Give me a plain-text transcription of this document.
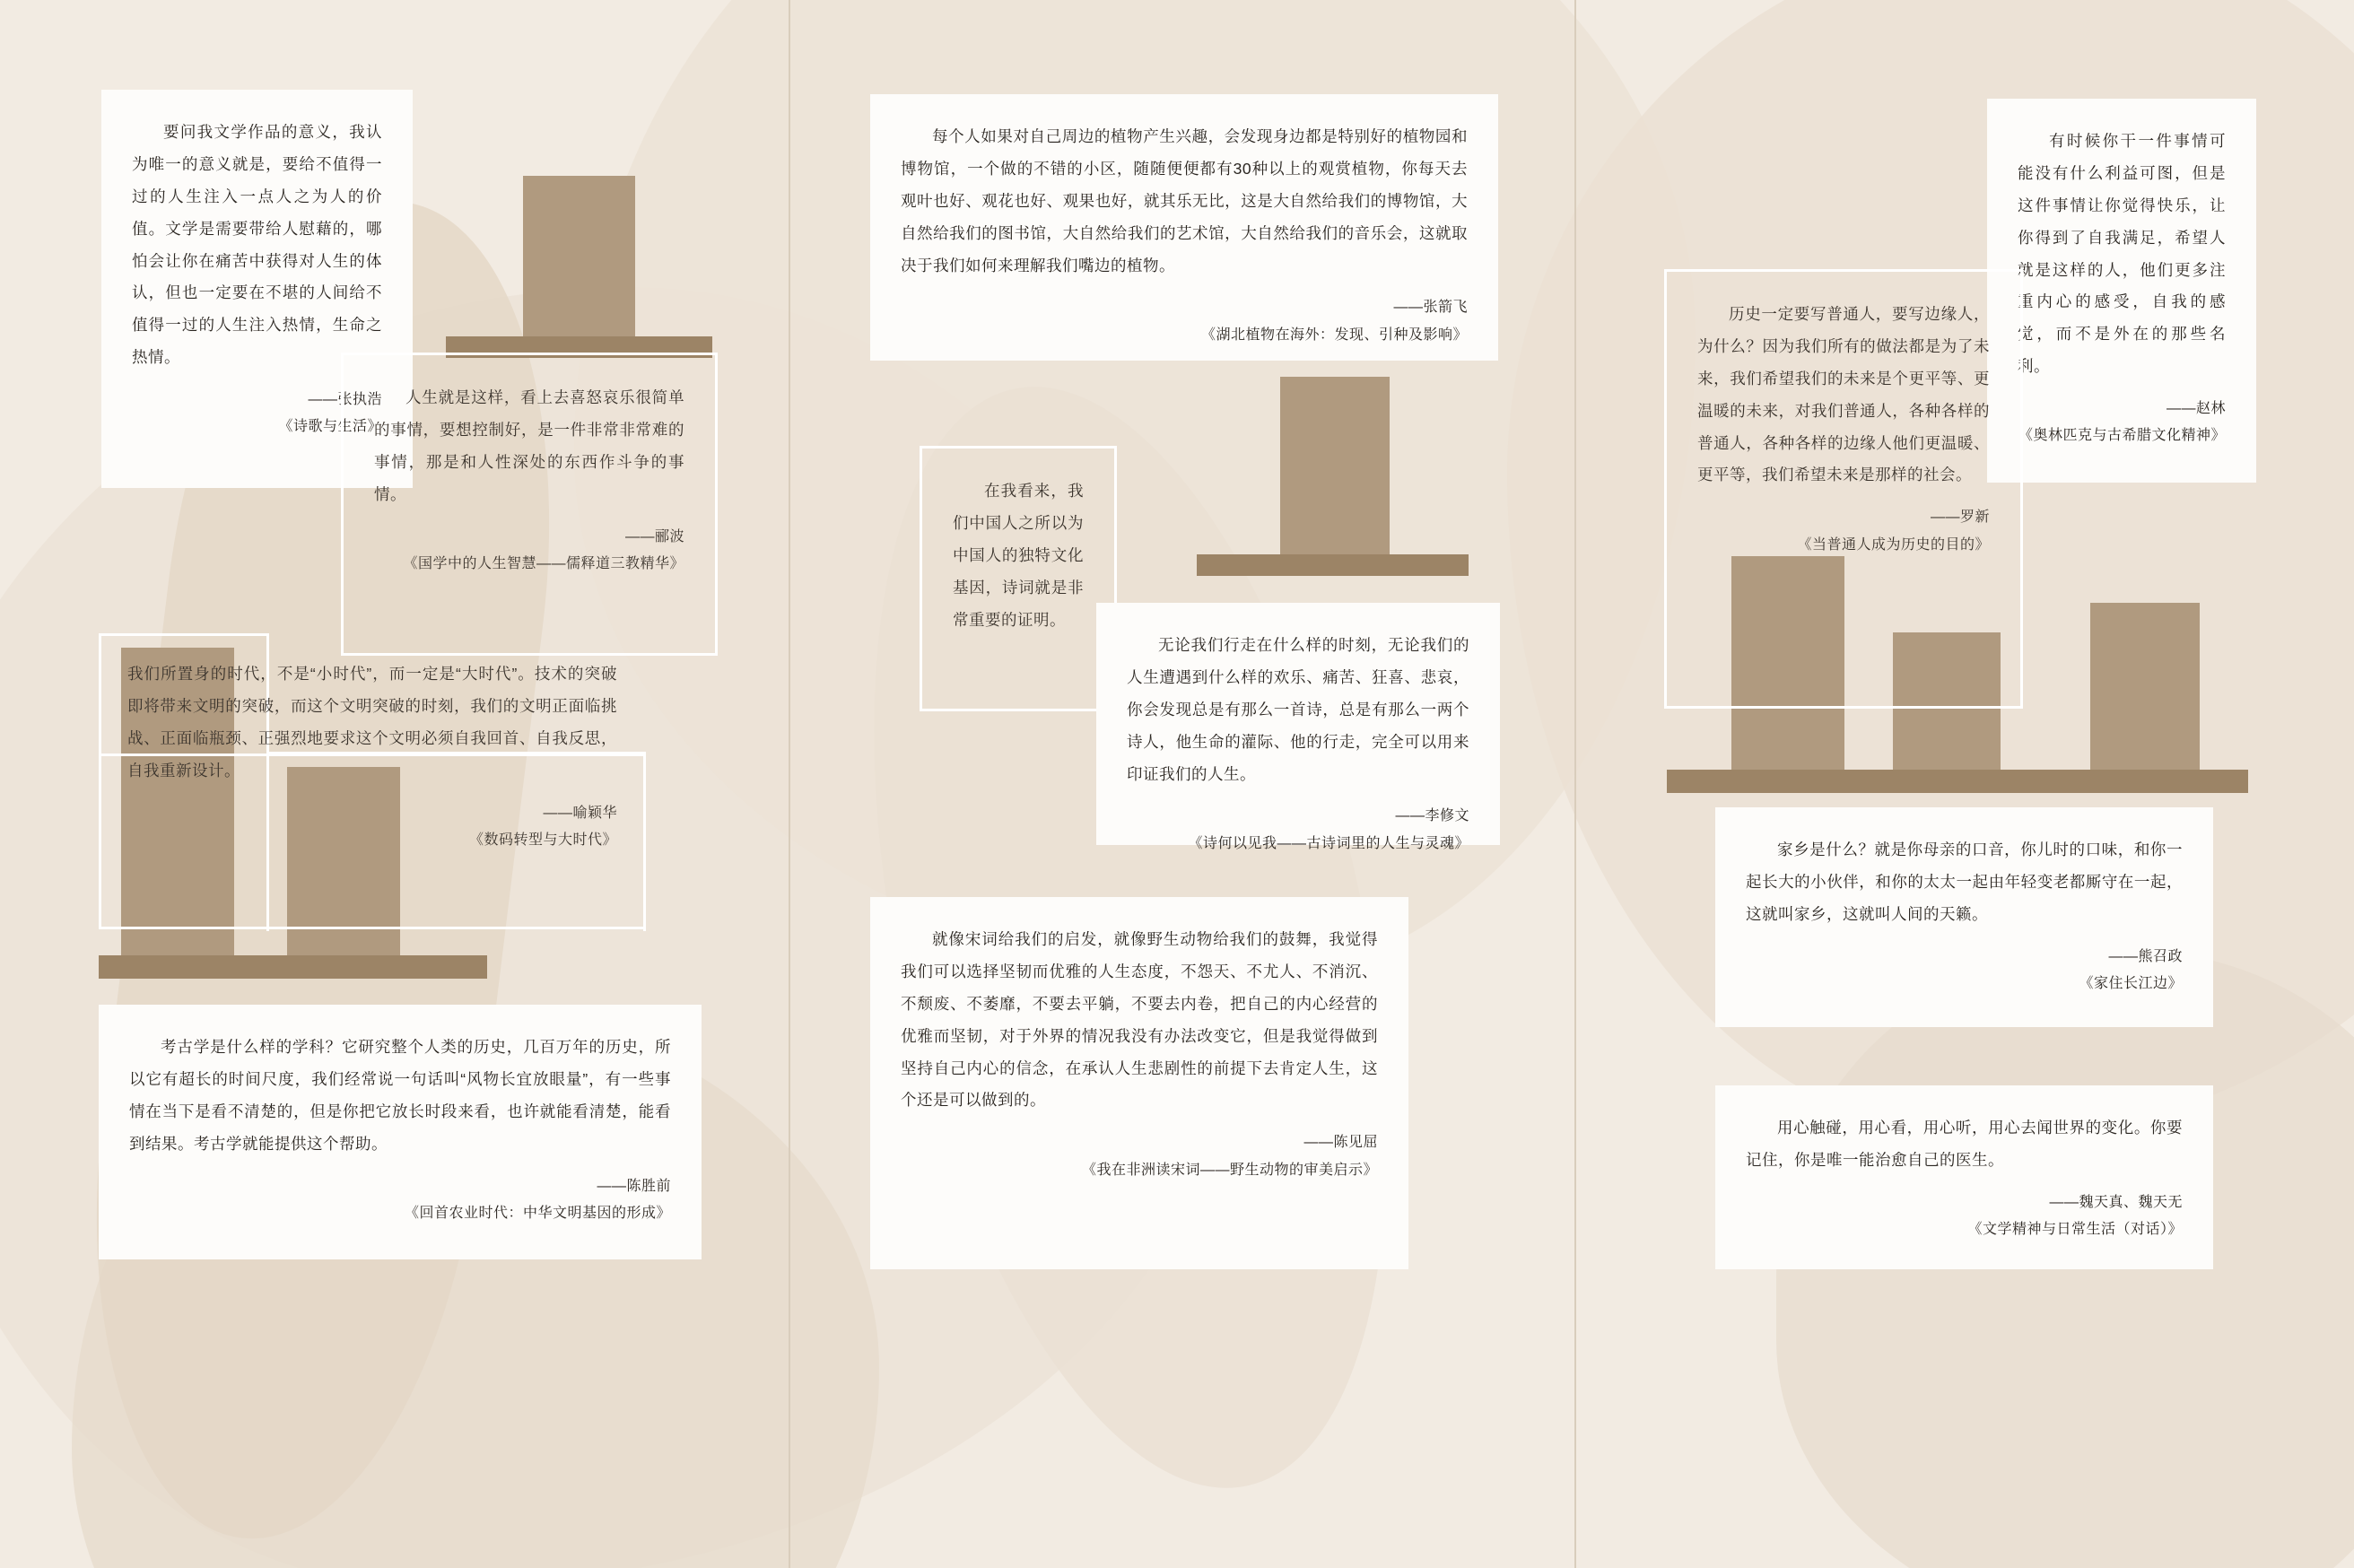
要问我文学作品的意义，我认为唯一的意义就是，要给不值得一过的人生注入一点人之为人的价值。文学是需要带给人慰藉的，哪怕会让你在痛苦中获得对人生的体认，但也一定要在不堪的人间给不值得一过的人生注入热情，生命之热情。
——张执浩
《诗歌与生活》
人生就是这样，看上去喜怒哀乐很简单的事情，要想控制好，是一件非常非常难的事情，那是和人性深处的东西作斗争的事情。
——郦波
《国学中的人生智慧——儒释道三教精华》
我们所置身的时代，不是“小时代”，而一定是“大时代”。技术的突破即将带来文明的突破，而这个文明突破的时刻，我们的文明正面临挑战、正面临瓶颈、正强烈地要求这个文明必须自我回首、自我反思，自我重新设计。
——喻颖华
《数码转型与大时代》
考古学是什么样的学科？它研究整个人类的历史，几百万年的历史，所以它有超长的时间尺度，我们经常说一句话叫“风物长宜放眼量”，有一些事情在当下是看不清楚的，但是你把它放长时段来看，也许就能看清楚，能看到结果。考古学就能提供这个帮助。
——陈胜前
《回首农业时代：中华文明基因的形成》
每个人如果对自己周边的植物产生兴趣，会发现身边都是特别好的植物园和博物馆，一个做的不错的小区，随随便便都有30种以上的观赏植物，你每天去观叶也好、观花也好、观果也好，就其乐无比，这是大自然给我们的博物馆，大自然给我们的图书馆，大自然给我们的艺术馆，大自然给我们的音乐会，这就取决于我们如何来理解我们嘴边的植物。
——张箭飞
《湖北植物在海外：发现、引种及影响》
在我看来，我们中国人之所以为中国人的独特文化基因，诗词就是非常重要的证明。
无论我们行走在什么样的时刻，无论我们的人生遭遇到什么样的欢乐、痛苦、狂喜、悲哀，你会发现总是有那么一首诗，总是有那么一两个诗人，他生命的灌际、他的行走，完全可以用来印证我们的人生。
——李修文
《诗何以见我——古诗词里的人生与灵魂》
就像宋词给我们的启发，就像野生动物给我们的鼓舞，我觉得我们可以选择坚韧而优雅的人生态度，不怨天、不尤人、不消沉、不颓废、不萎靡，不要去平躺，不要去内卷，把自己的内心经营的优雅而坚韧，对于外界的情况我没有办法改变它，但是我觉得做到坚持自己内心的信念，在承认人生悲剧性的前提下去肯定人生，这个还是可以做到的。
——陈见屈
《我在非洲读宋词——野生动物的审美启示》
有时候你干一件事情可能没有什么利益可图，但是这件事情让你觉得快乐，让你得到了自我满足，希望人就是这样的人，他们更多注重内心的感受，自我的感觉，而不是外在的那些名利。
——赵林
《奥林匹克与古希腊文化精神》
历史一定要写普通人，要写边缘人，为什么？因为我们所有的做法都是为了未来，我们希望我们的未来是个更平等、更温暖的未来，对我们普通人，各种各样的普通人，各种各样的边缘人他们更温暖、更平等，我们希望未来是那样的社会。
——罗新
《当普通人成为历史的目的》
家乡是什么？就是你母亲的口音，你儿时的口味，和你一起长大的小伙伴，和你的太太一起由年轻变老都厮守在一起，这就叫家乡，这就叫人间的天籁。
——熊召政
《家住长江边》
用心触碰，用心看，用心听，用心去闻世界的变化。你要记住，你是唯一能治愈自己的医生。
——魏天真、魏天无
《文学精神与日常生活（对话）》
